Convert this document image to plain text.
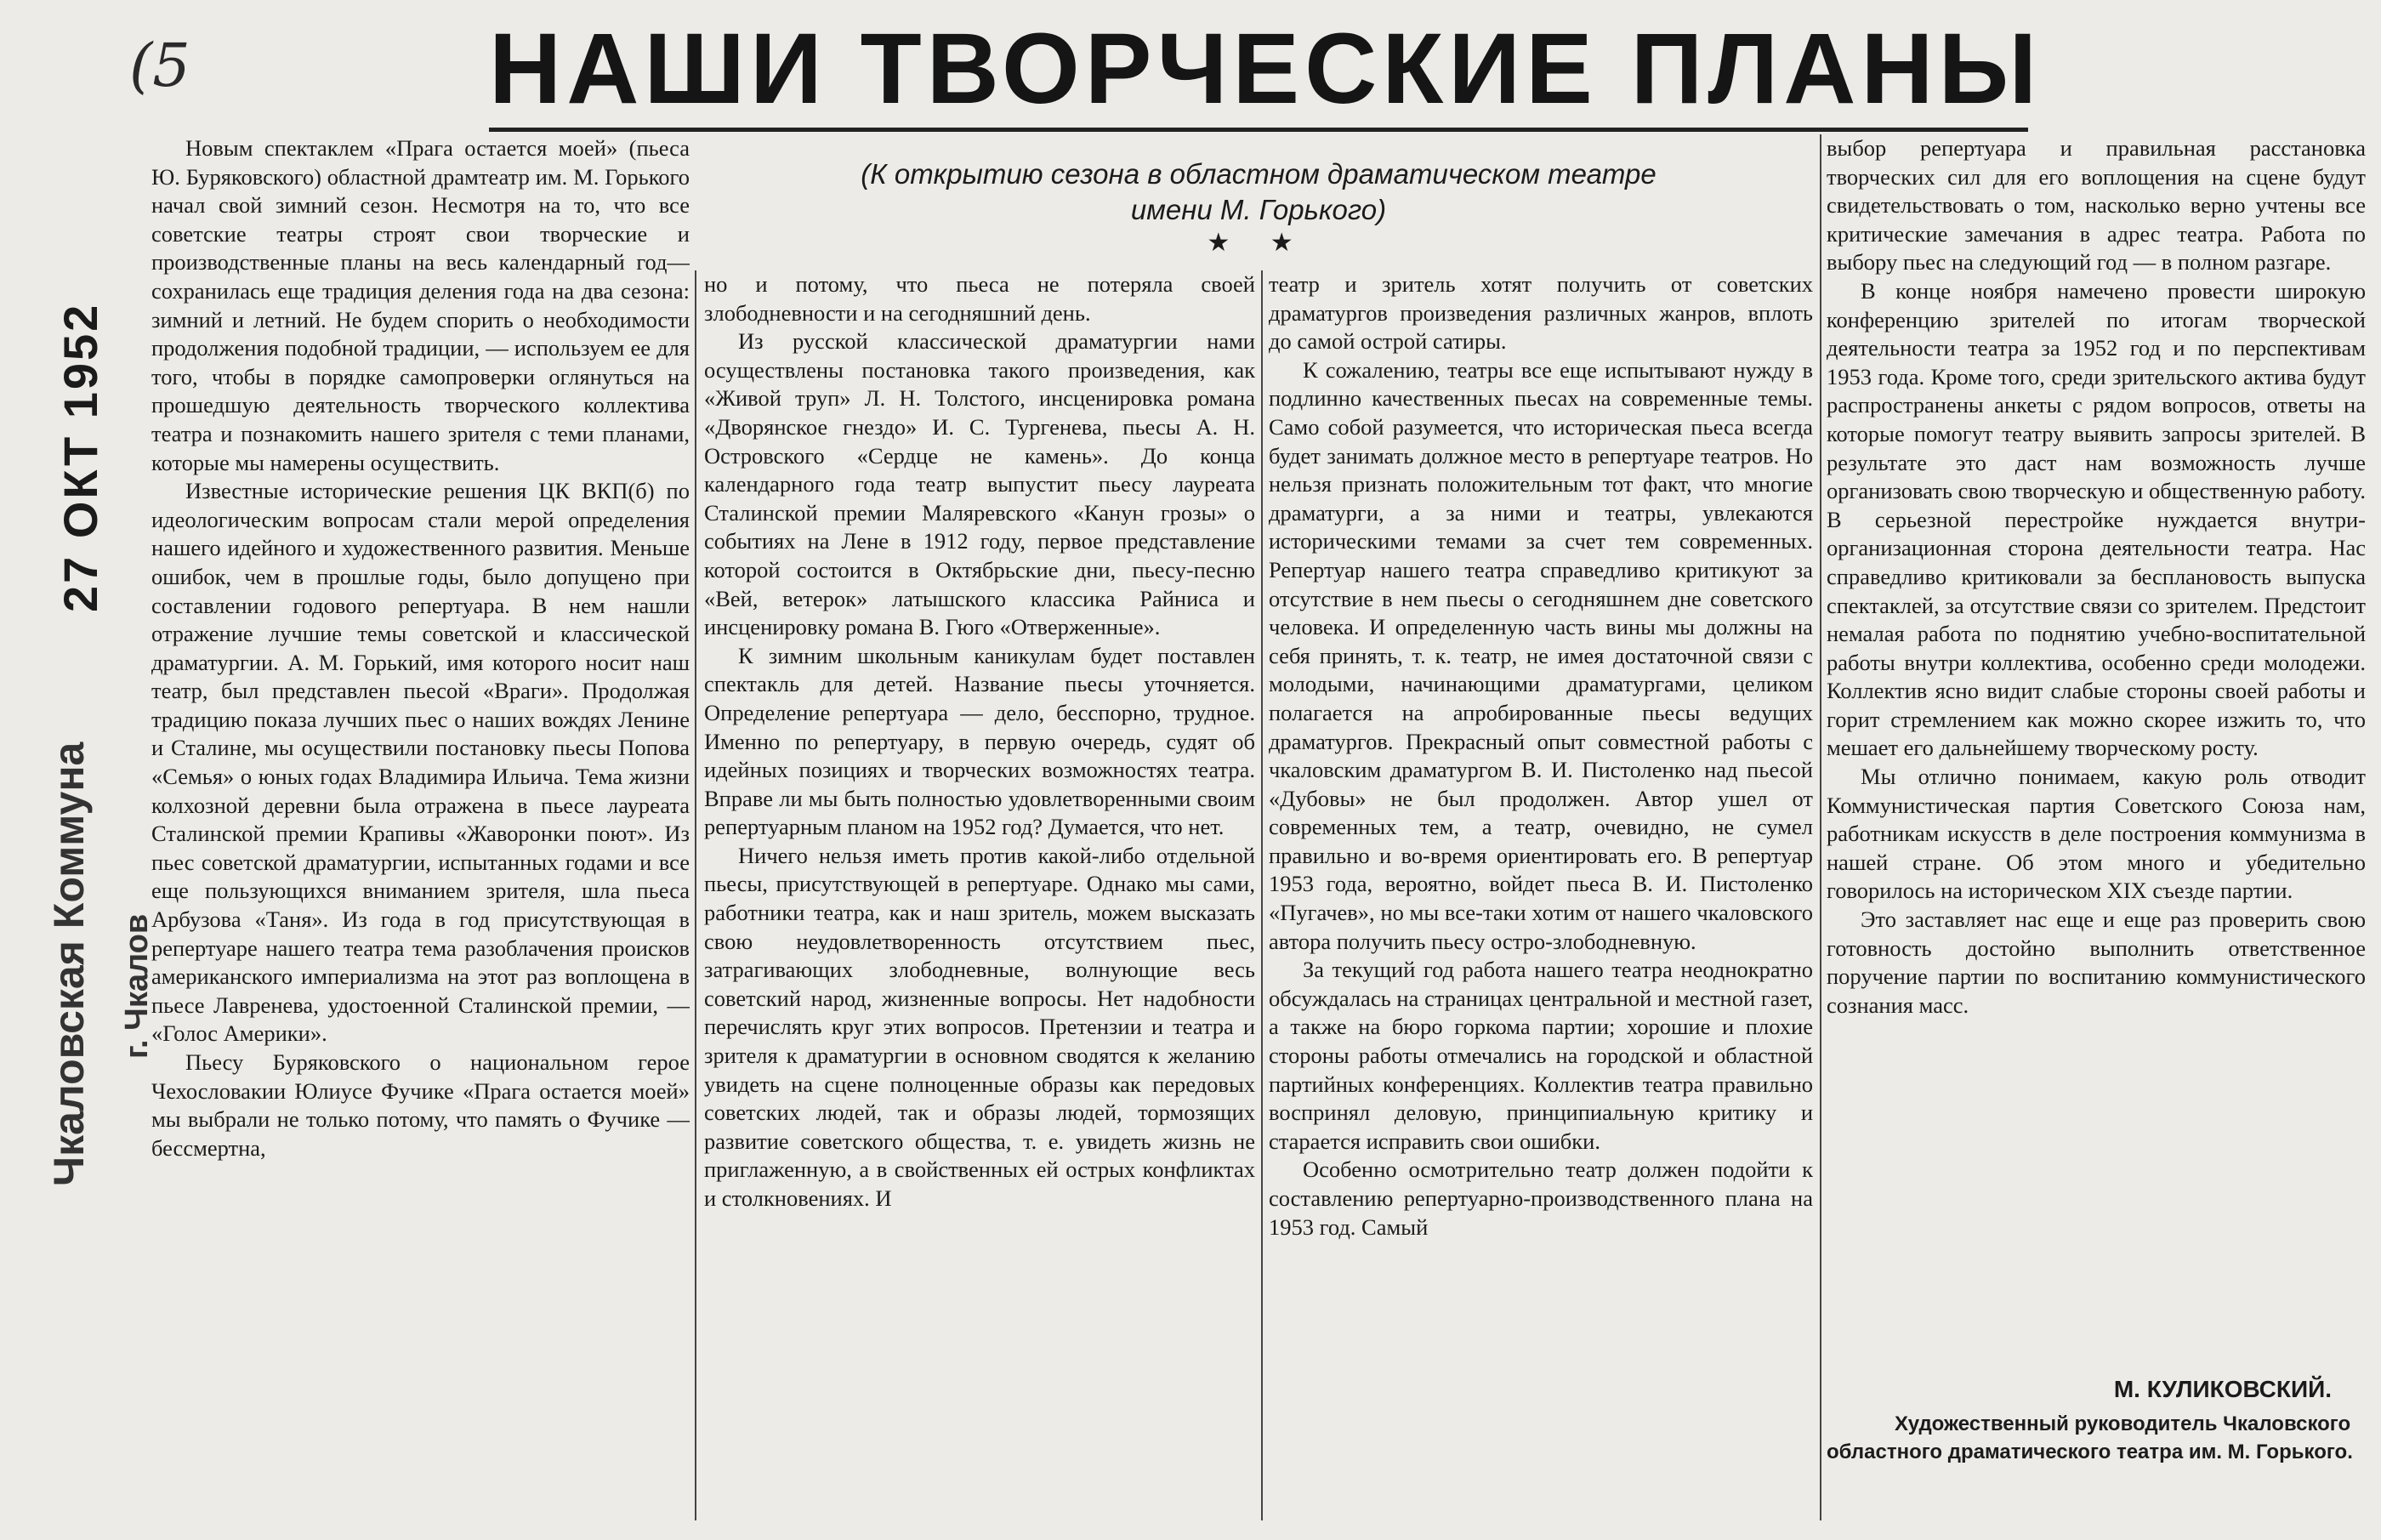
(5	НАШИ ТВОРЧЕСКИЕ ПЛАНЫ
(К открытию сезона в областном драматическом театре
имени М. Горького)
★ ★
27 ОКТ 1952
Чкаловская Коммуна г. Чкалов

Новым спектаклем «Прага остается моей» (пьеса Ю. Буряковского) областной драмтеатр им. М. Горького начал свой зимний сезон. Несмотря на то, что все советские театры строят свои творческие и производственные планы на весь календарный год—сохранилась еще традиция деления года на два сезона: зимний и летний. Не будем спорить о необходимости продолжения подобной традиции, — используем ее для того, чтобы в порядке самопроверки оглянуться на прошедшую деятельность творческого коллектива театра и познакомить нашего зрителя с теми планами, которые мы намерены осуществить.

Известные исторические решения ЦК ВКП(б) по идеологическим вопросам стали мерой определения нашего идейного и художественного развития. Меньше ошибок, чем в прошлые годы, было допущено при составлении годового репертуара. В нем нашли отражение лучшие темы советской и классической драматургии. А. М. Горький, имя которого носит наш театр, был представлен пьесой «Враги». Продолжая традицию показа лучших пьес о наших вождях Ленине и Сталине, мы осуществили постановку пьесы Попова «Семья» о юных годах Владимира Ильича. Тема жизни колхозной деревни была отражена в пьесе лауреата Сталинской премии Крапивы «Жаворонки поют». Из пьес советской драматургии, испытанных годами и все еще пользующихся вниманием зрителя, шла пьеса Арбузова «Таня». Из года в год присутствующая в репертуаре нашего театра тема разоблачения происков американского империализма на этот раз воплощена в пьесе Лавренева, удостоенной Сталинской премии, — «Голос Америки».

Пьесу Буряковского о национальном герое Чехословакии Юлиусе Фучике «Прага остается моей» мы выбрали не только потому, что память о Фучике — бессмертна,

но и потому, что пьеса не потеряла своей злободневности и на сегодняшний день.

Из русской классической драматургии нами осуществлены постановка такого произведения, как «Живой труп» Л. Н. Толстого, инсценировка романа «Дворянское гнездо» И. С. Тургенева, пьесы А. Н. Островского «Сердце не камень». До конца календарного года театр выпустит пьесу лауреата Сталинской премии Маляревского «Канун грозы» о событиях на Лене в 1912 году, первое представление которой состоится в Октябрьские дни, пьесу-песню «Вей, ветерок» латышского классика Райниса и инсценировку романа В. Гюго «Отверженные».

К зимним школьным каникулам будет поставлен спектакль для детей. Название пьесы уточняется. Определение репертуара — дело, бесспорно, трудное. Именно по репертуару, в первую очередь, судят об идейных позициях и творческих возможностях театра. Вправе ли мы быть полностью удовлетворенными своим репертуарным планом на 1952 год? Думается, что нет.

Ничего нельзя иметь против какой-либо отдельной пьесы, присутствующей в репертуаре. Однако мы сами, работники театра, как и наш зритель, можем высказать свою неудовлетворенность отсутствием пьес, затрагивающих злободневные, волнующие весь советский народ, жизненные вопросы. Нет надобности перечислять круг этих вопросов. Претензии и театра и зрителя к драматургии в основном сводятся к желанию увидеть на сцене полноценные образы как передовых советских людей, так и образы людей, тормозящих развитие советского общества, т. е. увидеть жизнь не приглаженную, а в свойственных ей острых конфликтах и столкновениях. И

театр и зритель хотят получить от советских драматургов произведения различных жанров, вплоть до самой острой сатиры.

К сожалению, театры все еще испытывают нужду в подлинно качественных пьесах на современные темы. Само собой разумеется, что историческая пьеса всегда будет занимать должное место в репертуаре театров. Но нельзя признать положительным тот факт, что многие драматурги, а за ними и театры, увлекаются историческими темами за счет тем современных. Репертуар нашего театра справедливо критикуют за отсутствие в нем пьесы о сегодняшнем дне советского человека. И определенную часть вины мы должны на себя принять, т. к. театр, не имея достаточной связи с молодыми, начинающими драматургами, целиком полагается на апробированные пьесы ведущих драматургов. Прекрасный опыт совместной работы с чкаловским драматургом В. И. Пистоленко над пьесой «Дубовы» не был продолжен. Автор ушел от современных тем, а театр, очевидно, не сумел правильно и во-время ориентировать его. В репертуар 1953 года, вероятно, войдет пьеса В. И. Пистоленко «Пугачев», но мы все-таки хотим от нашего чкаловского автора получить пьесу остро-злободневную.

За текущий год работа нашего театра неоднократно обсуждалась на страницах центральной и местной газет, а также на бюро горкома партии; хорошие и плохие стороны работы отмечались на городской и областной партийных конференциях. Коллектив театра правильно воспринял деловую, принципиальную критику и старается исправить свои ошибки.

Особенно осмотрительно театр должен подойти к составлению репертуарно-производственного плана на 1953 год. Самый

выбор репертуара и правильная расстановка творческих сил для его воплощения на сцене будут свидетельствовать о том, насколько верно учтены все критические замечания в адрес театра. Работа по выбору пьес на следующий год — в полном разгаре.

В конце ноября намечено провести широкую конференцию зрителей по итогам творческой деятельности театра за 1952 год и по перспективам 1953 года. Кроме того, среди зрительского актива будут распространены анкеты с рядом вопросов, ответы на которые помогут театру выявить запросы зрителей. В результате это даст нам возможность лучше организовать свою творческую и общественную работу. В серьезной перестройке нуждается внутри-организационная сторона деятельности театра. Нас справедливо критиковали за бесплановость выпуска спектаклей, за отсутствие связи со зрителем. Предстоит немалая работа по поднятию учебно-воспитательной работы внутри коллектива, особенно среди молодежи. Коллектив ясно видит слабые стороны своей работы и горит стремлением как можно скорее изжить то, что мешает его дальнейшему творческому росту.

Мы отлично понимаем, какую роль отводит Коммунистическая партия Советского Союза нам, работникам искусств в деле построения коммунизма в нашей стране. Об этом много и убедительно говорилось на историческом XIX съезде партии.

Это заставляет нас еще и еще раз проверить свою готовность достойно выполнить ответственное поручение партии по воспитанию коммунистического сознания масс.

М. КУЛИКОВСКИЙ.
Художественный руководитель Чкаловского областного драматического театра им. М. Горького.
